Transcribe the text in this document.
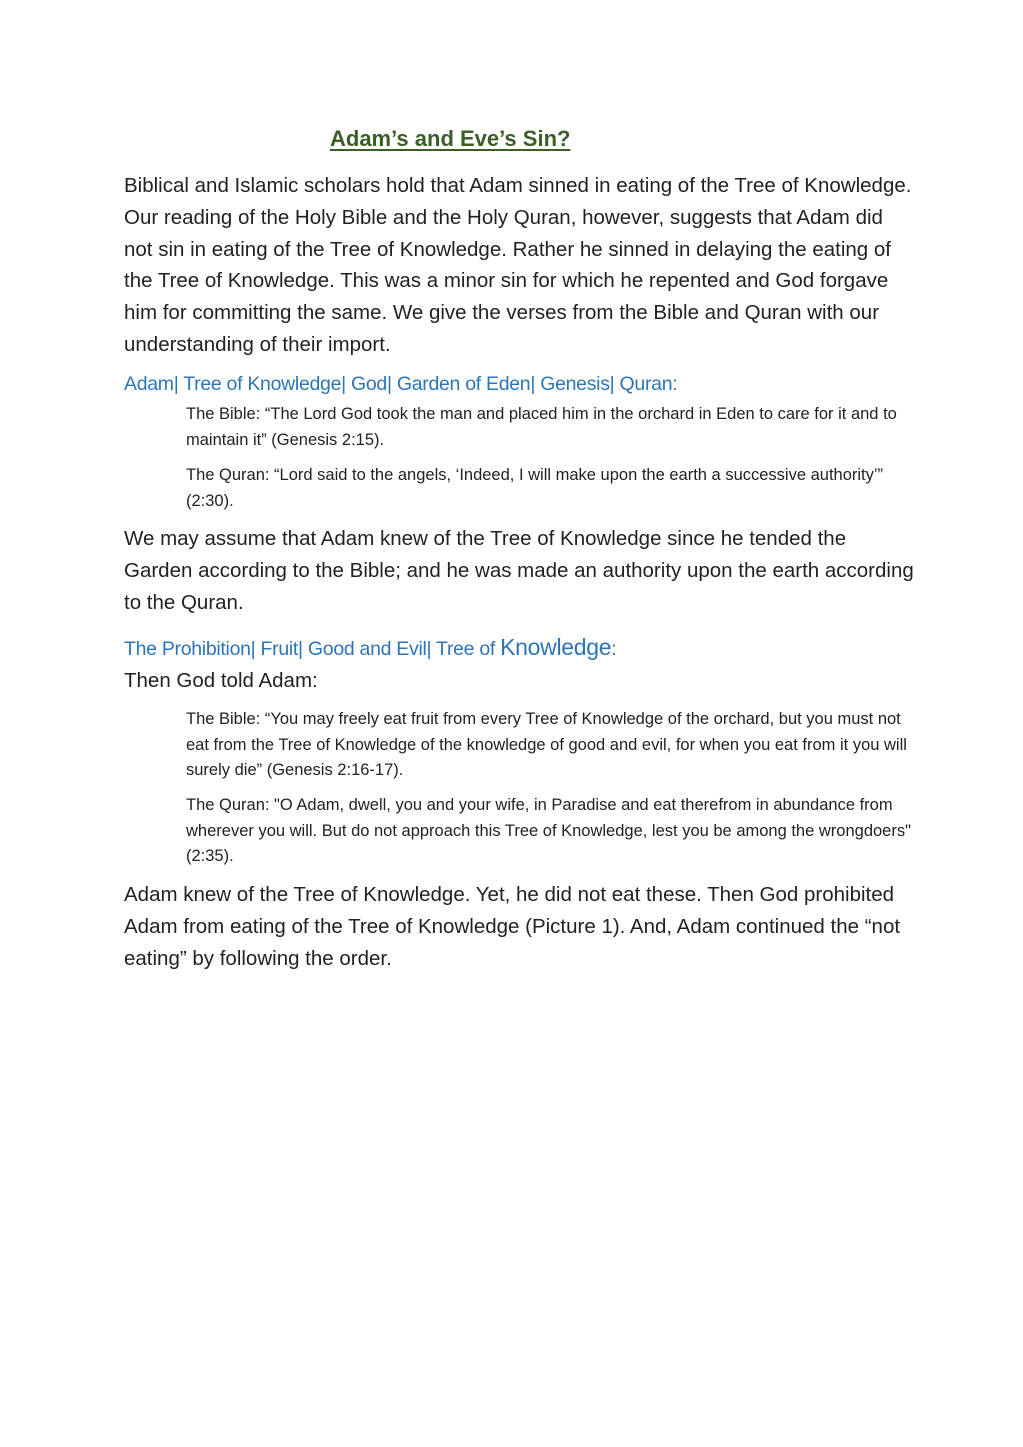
Adam’s and Eve’s Sin?
Biblical and Islamic scholars hold that Adam sinned in eating of the Tree of Knowledge. Our reading of the Holy Bible and the Holy Quran, however, suggests that Adam did not sin in eating of the Tree of Knowledge. Rather he sinned in delaying the eating of the Tree of Knowledge. This was a minor sin for which he repented and God forgave him for committing the same. We give the verses from the Bible and Quran with our understanding of their import.
Adam| Tree of Knowledge| God| Garden of Eden| Genesis| Quran:
The Bible: “The Lord God took the man and placed him in the orchard in Eden to care for it and to maintain it” (Genesis 2:15).
The Quran: “Lord said to the angels, ‘Indeed, I will make upon the earth a successive authority’” (2:30).
We may assume that Adam knew of the Tree of Knowledge since he tended the Garden according to the Bible; and he was made an authority upon the earth according to the Quran.
The Prohibition| Fruit| Good and Evil| Tree of Knowledge:
Then God told Adam:
The Bible: “You may freely eat fruit from every Tree of Knowledge of the orchard, but you must not eat from the Tree of Knowledge of the knowledge of good and evil, for when you eat from it you will surely die” (Genesis 2:16-17).
The Quran: "O Adam, dwell, you and your wife, in Paradise and eat therefrom in abundance from wherever you will. But do not approach this Tree of Knowledge, lest you be among the wrongdoers" (2:35).
Adam knew of the Tree of Knowledge. Yet, he did not eat these. Then God prohibited Adam from eating of the Tree of Knowledge (Picture 1). And, Adam continued the “not eating” by following the order.
